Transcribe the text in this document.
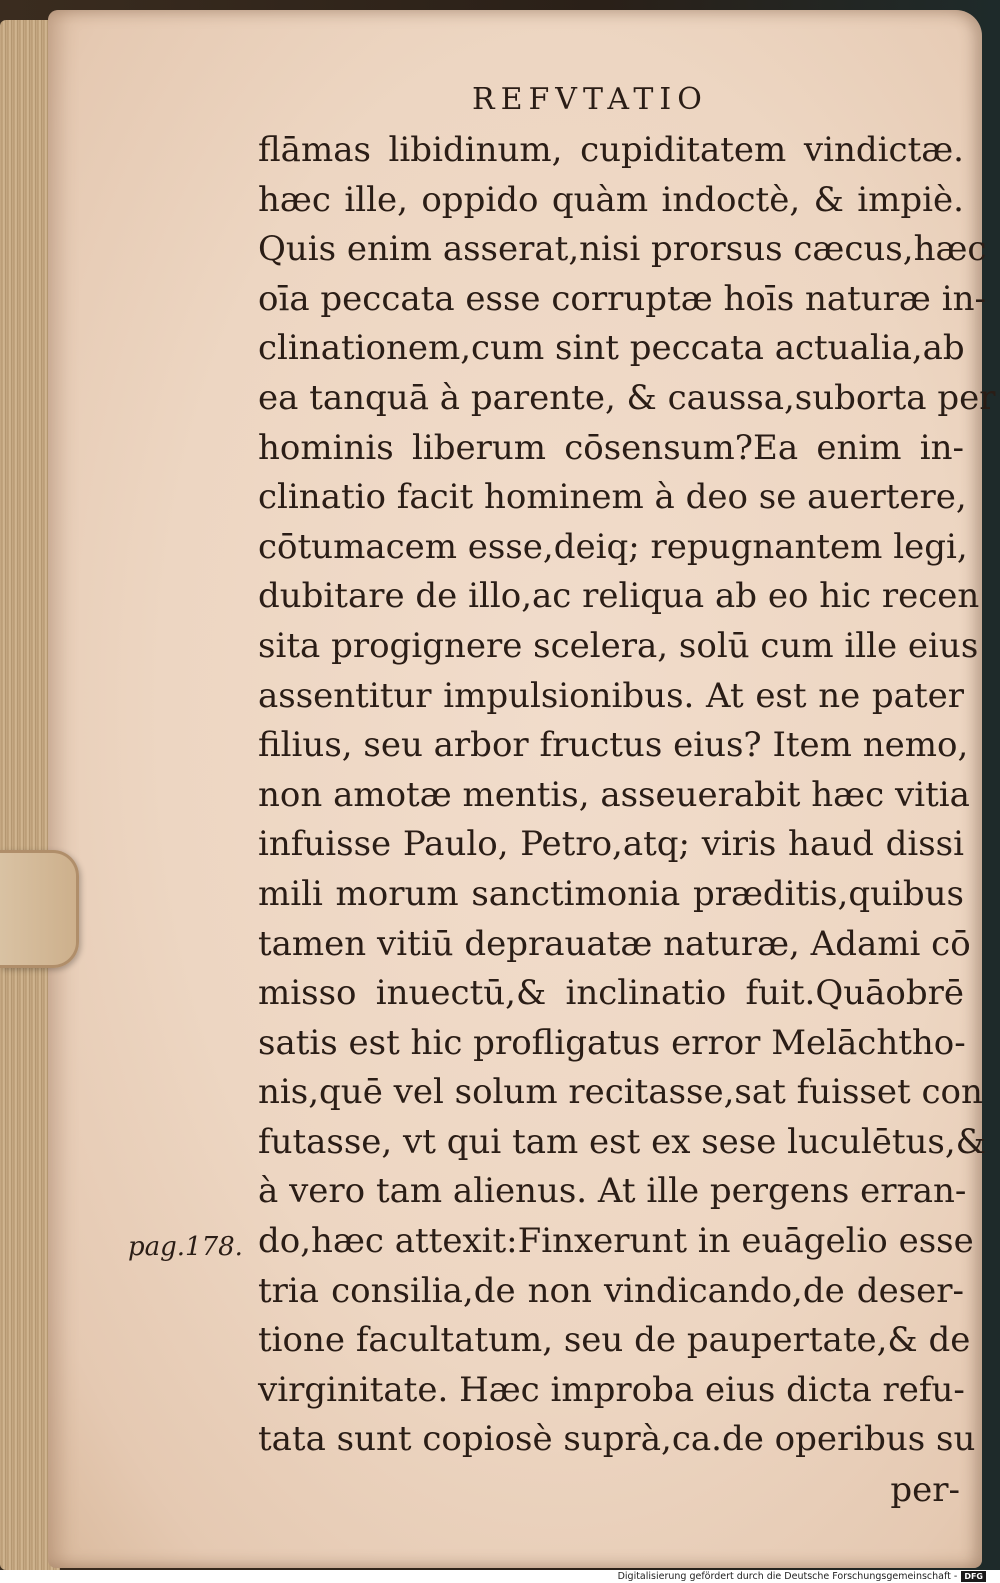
REFVTATIO
flāmas libidinum, cupiditatem vindictæ.
hæc ille, oppido quàm indoctè, & impiè.
Quis enim asserat,nisi prorsus cæcus,hæc
oīa peccata esse corruptæ hoīs naturæ in-
clinationem,cum sint peccata actualia,ab
ea tanquā à parente, & caussa,suborta per
hominis liberum cōsensum?Ea enim in-
clinatio facit hominem à deo se auertere,
cōtumacem esse,deiq; repugnantem legi,
dubitare de illo,ac reliqua ab eo hic recen
sita progignere scelera, solū cum ille eius
assentitur impulsionibus. At est ne pater
filius, seu arbor fructus eius? Item nemo,
non amotæ mentis, asseuerabit hæc vitia
infuisse Paulo, Petro,atq; viris haud dissi
mili morum sanctimonia præditis,quibus
tamen vitiū deprauatæ naturæ, Adami cō
misso inuectū,& inclinatio fuit.Quāobrē
satis est hic profligatus error Melāchtho-
nis,quē vel solum recitasse,sat fuisset con
futasse, vt qui tam est ex sese luculētus,&
à vero tam alienus. At ille pergens erran-
do,hæc attexit:Finxerunt in euāgelio esse
tria consilia,de non vindicando,de deser-
tione facultatum, seu de paupertate,& de
virginitate. Hæc improba eius dicta refu-
tata sunt copiosè suprà,ca.de operibus su
pag.178.
per-
Digitalisierung gefördert durch die Deutsche Forschungsgemeinschaft - DFG
